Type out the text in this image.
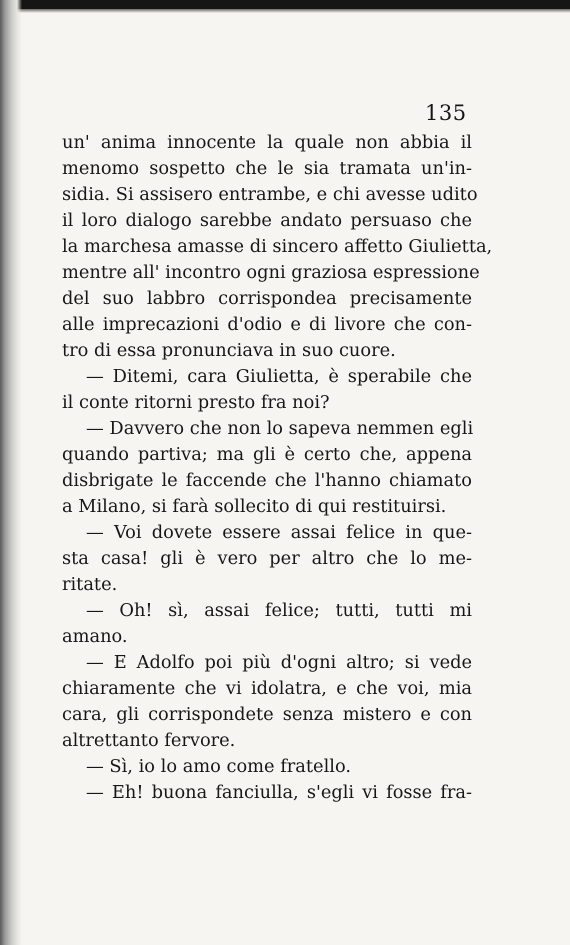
135
un' anima innocente la quale non abbia il
menomo sospetto che le sia tramata un'in-
sidia. Si assisero entrambe, e chi avesse udito
il loro dialogo sarebbe andato persuaso che
la marchesa amasse di sincero affetto Giulietta,
mentre all' incontro ogni graziosa espressione
del suo labbro corrispondea precisamente
alle imprecazioni d'odio e di livore che con-
tro di essa pronunciava in suo cuore.
— Ditemi, cara Giulietta, è sperabile che
il conte ritorni presto fra noi?
— Davvero che non lo sapeva nemmen egli
quando partiva; ma gli è certo che, appena
disbrigate le faccende che l'hanno chiamato
a Milano, si farà sollecito di qui restituirsi.
— Voi dovete essere assai felice in que-
sta casa! gli è vero per altro che lo me-
ritate.
— Oh! sì, assai felice; tutti, tutti mi
amano.
— E Adolfo poi più d'ogni altro; si vede
chiaramente che vi idolatra, e che voi, mia
cara, gli corrispondete senza mistero e con
altrettanto fervore.
— Sì, io lo amo come fratello.
— Eh! buona fanciulla, s'egli vi fosse fra-
